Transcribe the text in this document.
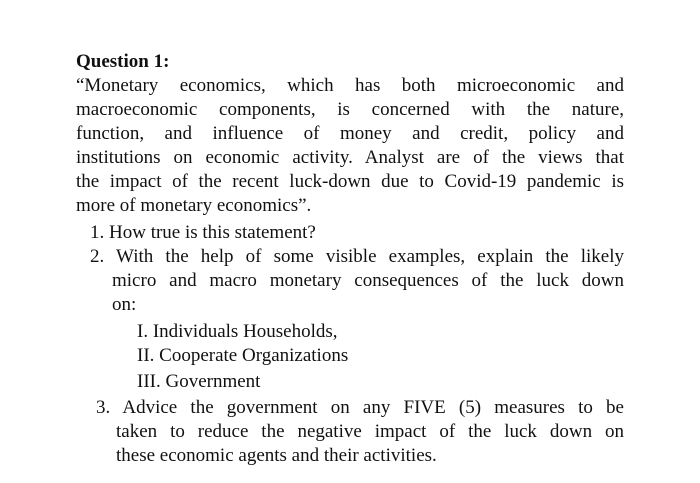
Question 1:
“Monetary economics, which has both microeconomic and
macroeconomic components, is concerned with the nature,
function, and influence of money and credit, policy and
institutions on economic activity. Analyst are of the views that
the impact of the recent luck-down due to Covid-19 pandemic is
more of monetary economics”.
1. How true is this statement?
2. With the help of some visible examples, explain the likely
micro and macro monetary consequences of the luck down
on:
I. Individuals Households,
II. Cooperate Organizations
III. Government
3. Advice the government on any FIVE (5) measures to be
taken to reduce the negative impact of the luck down on
these economic agents and their activities.
